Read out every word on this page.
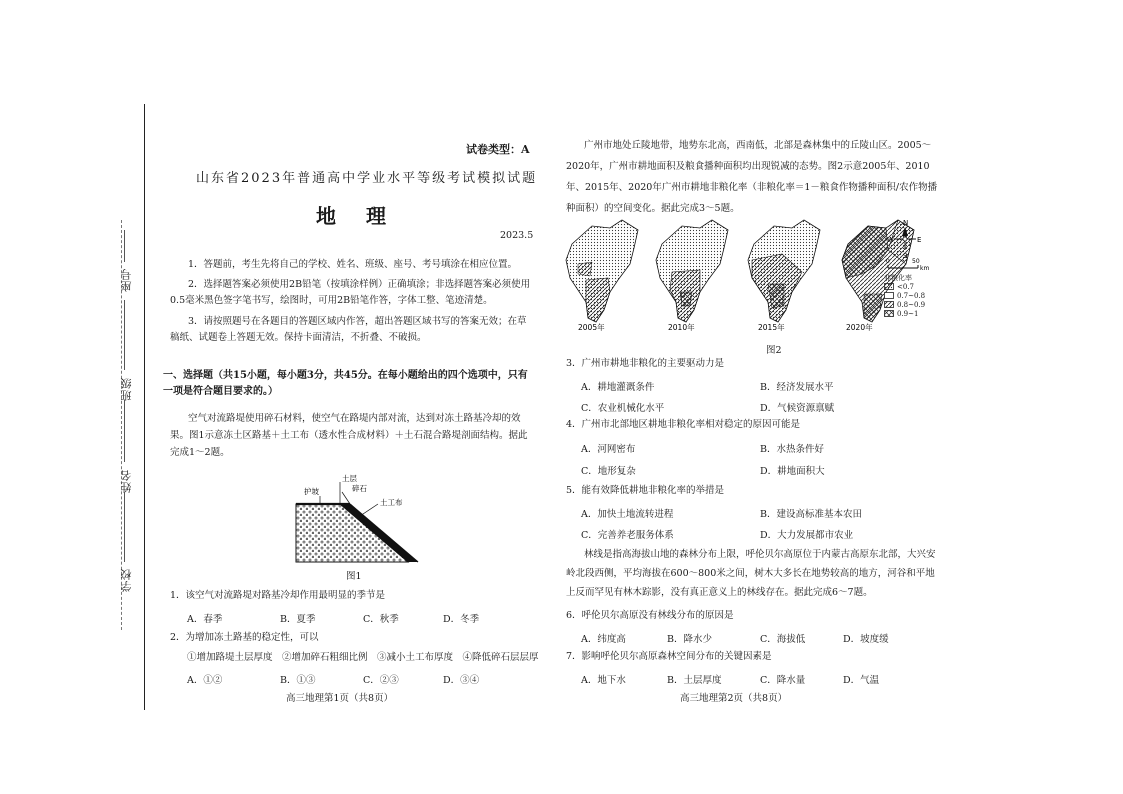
座号
班级
姓名
学校
试卷类型：A
山东省2023年普通高中学业水平等级考试模拟试题
地理
2023.5
1．答题前，考生先将自己的学校、姓名、班级、座号、考号填涂在相应位置。
2．选择题答案必须使用2B铅笔（按填涂样例）正确填涂；非选择题答案必须使用0.5毫米黑色签字笔书写，绘图时，可用2B铅笔作答，字体工整、笔迹清楚。
3．请按照题号在各题目的答题区域内作答，超出答题区域书写的答案无效；在草稿纸、试题卷上答题无效。保持卡面清洁，不折叠、不破损。
一、选择题（共15小题，每小题3分，共45分。在每小题给出的四个选项中，只有一项是符合题目要求的。）
空气对流路堤使用碎石材料，使空气在路堤内部对流，达到对冻土路基冷却的效果。图1示意冻土区路基＋土工布（透水性合成材料）＋土石混合路堤剖面结构。据此完成1～2题。
护坡
土层
碎石
土工布
图1
1．该空气对流路堤对路基冷却作用最明显的季节是
A．春季	B．夏季	C．秋季	D．冬季
2．为增加冻土路基的稳定性，可以
①增加路堤土层厚度　②增加碎石粗细比例　③减小土工布厚度　④降低碎石层层厚
A．①②	B．①③	C．②③	D．③④
高三地理第1页（共8页）
广州市地处丘陵地带，地势东北高，西南低，北部是森林集中的丘陵山区。2005～2020年，广州市耕地面积及粮食播种面积均出现锐减的态势。图2示意2005年、2010年、2015年、2020年广州市耕地非粮化率（非粮化率＝1－粮食作物播种面积/农作物播种面积）的空间变化。据此完成3～5题。
N
E
S
W
0	50
km
2005年	2010年	2015年	2020年
非粮化率
<0.7
0.7~0.8
0.8~0.9
0.9~1
图2
3．广州市耕地非粮化的主要驱动力是
A．耕地灌溉条件	B．经济发展水平
C．农业机械化水平	D．气候资源禀赋
4．广州市北部地区耕地非粮化率相对稳定的原因可能是
A．河网密布	B．水热条件好
C．地形复杂	D．耕地面积大
5．能有效降低耕地非粮化率的举措是
A．加快土地流转进程	B．建设高标准基本农田
C．完善养老服务体系	D．大力发展都市农业
林线是指高海拔山地的森林分布上限，呼伦贝尔高原位于内蒙古高原东北部，大兴安岭北段西侧，平均海拔在600～800米之间，树木大多长在地势较高的地方，河谷和平地上反而罕见有林木踪影，没有真正意义上的林线存在。据此完成6～7题。
6．呼伦贝尔高原没有林线分布的原因是
A．纬度高	B．降水少	C．海拔低	D．坡度缓
7．影响呼伦贝尔高原森林空间分布的关键因素是
A．地下水	B．土层厚度	C．降水量	D．气温
高三地理第2页（共8页）
